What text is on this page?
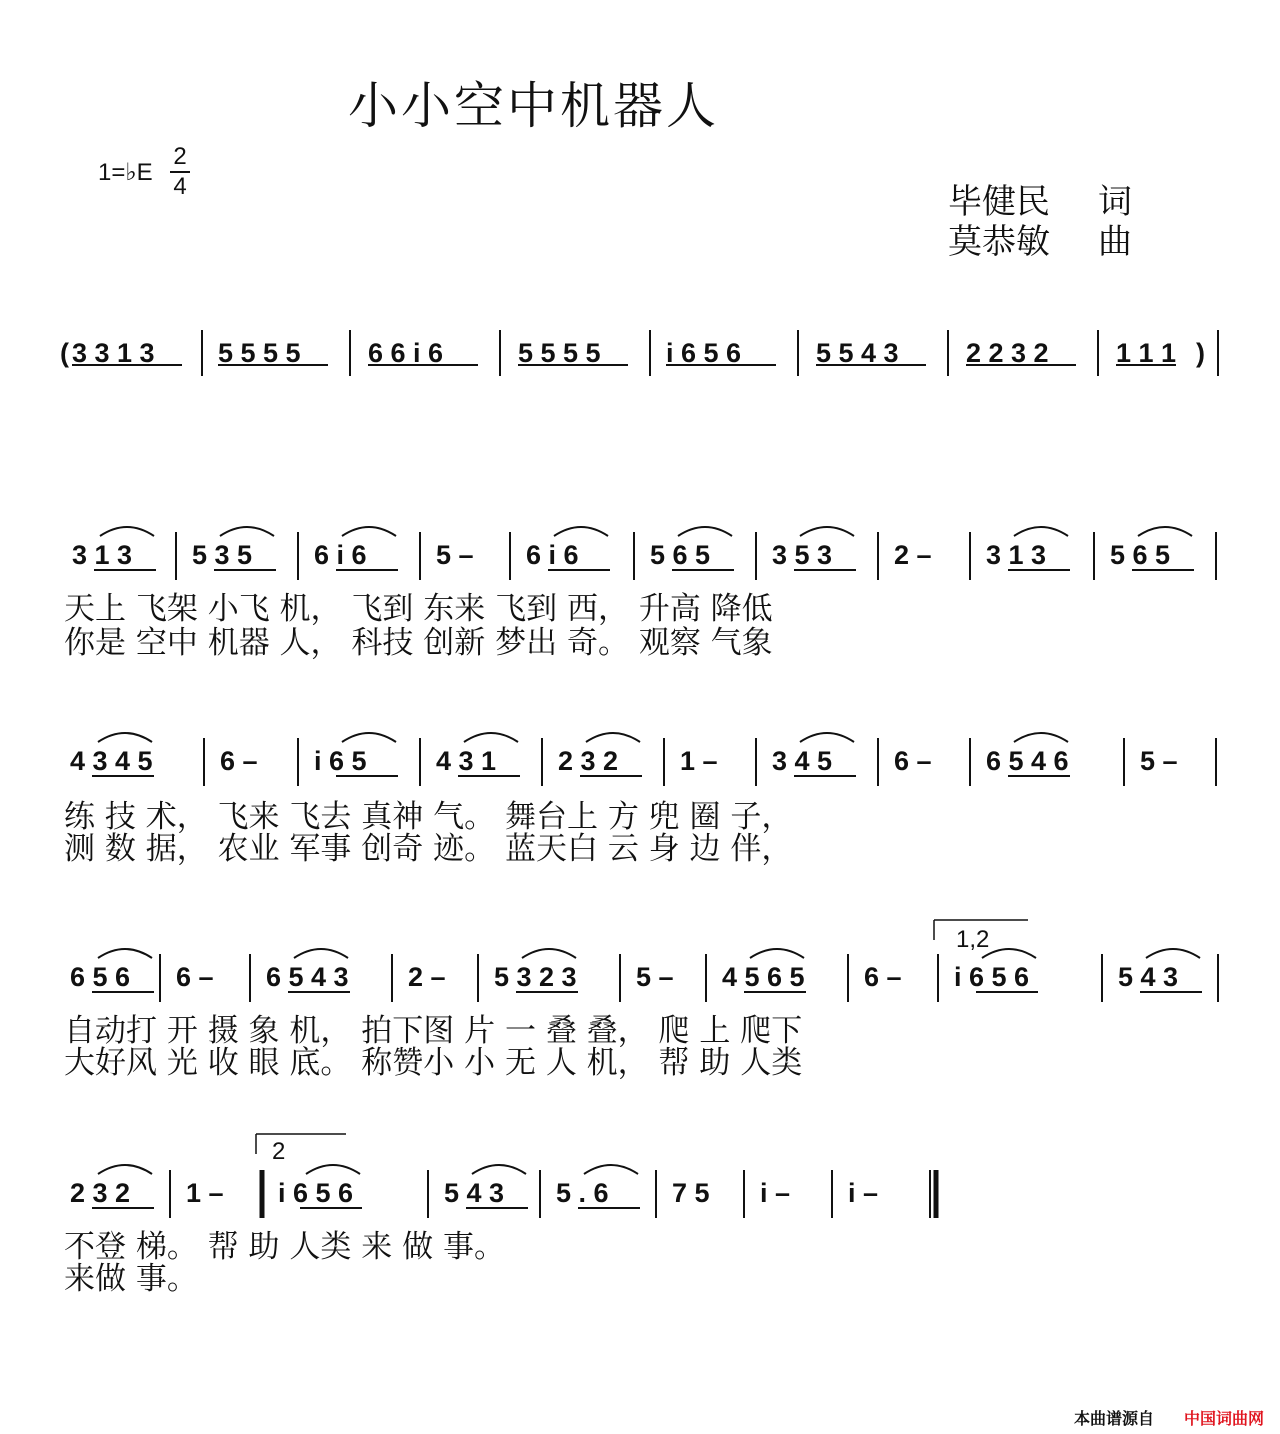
小小空中机器人
1=♭E
2
4	毕健民 词
莫恭敏 曲
( 3 3 1 3 5 5 5 5 6 6 i 6	5 5 5 5 i 6 5 6	5 5 4 3 2 2 3 2 1 1 1 )
3 1 3 5 3 5 6 i 6	5 – 6 i 6	5 6 5 3 5 3 2 – 3 1 3 5 6 5
4 3 4 5 6 – i 6 5	4 3 1 2 3 2 1 – 3 4 5 6 – 6 5 4 6	5 –
6 5 6 6 – 6 5 4 3 2 – 5 3 2 3 5 – 4 5 6 5 6 – i 6 5 6	5 4 3
2 3 2 1 – i 6 5 6	5 4 3 5 . 6 7 5 i – i –
天上 飞架 小飞 机， 飞到 东来 飞到 西， 升高 降低
你是 空中 机器 人， 科技 创新 梦出 奇。 观察 气象
练 技 术， 飞来 飞去 真神 气。 舞台上 方 兜 圈 子，
测 数 据， 农业 军事 创奇 迹。 蓝天白 云 身 边 伴，
自动打 开 摄 象 机， 拍下图 片 一 叠 叠， 爬 上 爬下
大好风 光 收 眼 底。 称赞小 小 无 人 机， 帮 助 人类
不登 梯。 帮 助 人类 来 做 事。
来做 事。
1,2
2
本曲谱源自 中国词曲网
